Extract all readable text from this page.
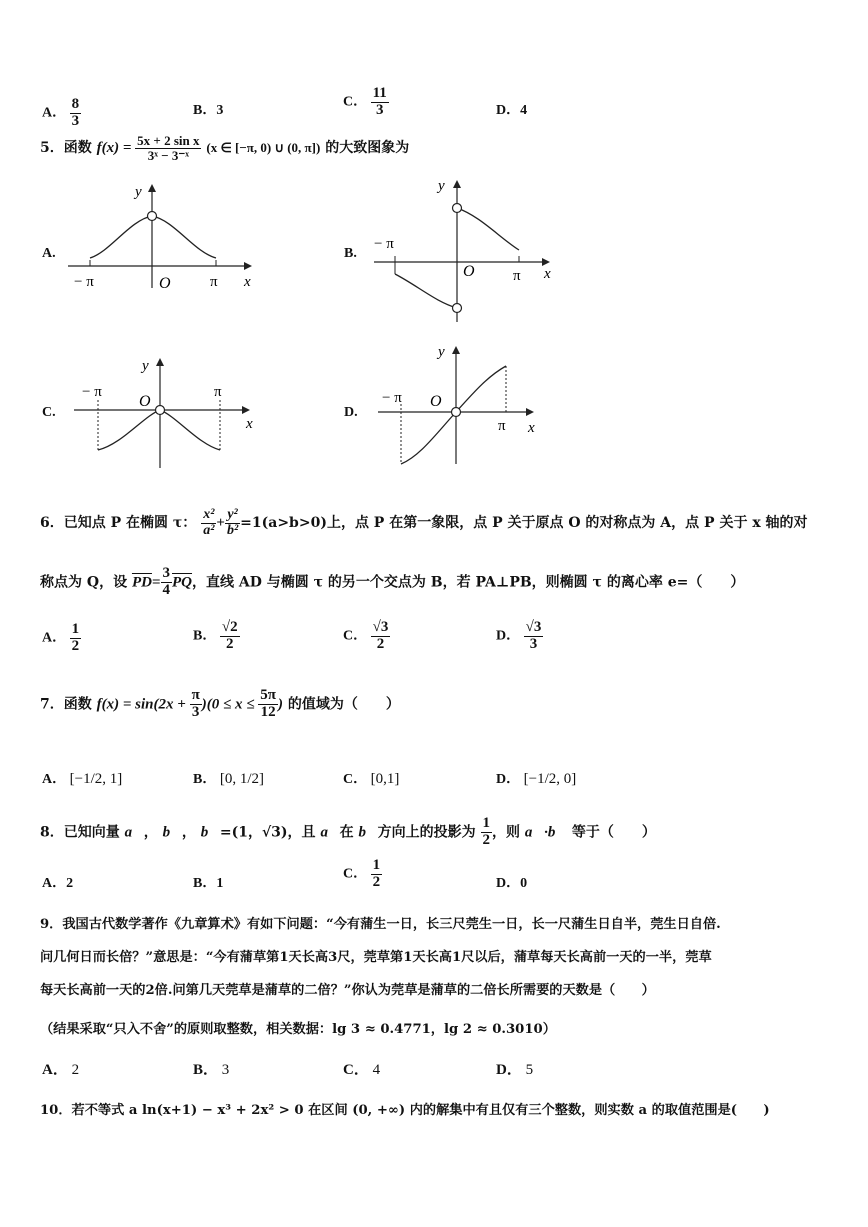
A． $\frac{8}{3}$	B．3
C． $\frac{11}{3}$	D．4
5．函数 $f(x) = \frac{\text{5x + 2 sin x}}{\text{3ˣ − 3⁻ˣ}} (x$ ∈ [−π, 0) ∪ (0, π]) 的大致图象为
A.
− π	π
O	x
y
B.
− π
π
O	x
y
C.
− π	π
O
x
y
D.
− π
π
O
x
y
6．已知点 P 在椭圆 τ： $\frac{\text{x²}}{\text{a²}} + \frac{\text{y²}}{\text{b²}} =1(a>b>0)$上，点 P 在第一象限，点 P 关于原点 O 的对称点为 A，点 P 关于 x 轴的对
称点为 Q，设 $\overline{PD}= \frac{3}{4} \overline{PQ}$，直线 AD 与椭圆 τ 的另一个交点为 B，若 PA⊥PB，则椭圆 τ 的离心率 e=（　　）
A． $\frac{1}{2}$	B． $\frac{√2}{2}$	C． $\frac{√3}{2}$	D． $\frac{√3}{3}$
7．函数 $f(x) = \sin(2x + \frac{\pi}{3} )(0 \le x \le \frac{5\pi}{12}$ ) 的值域为（　　）
A． [−1/2, 1]	B． [0, 1/2]	C． [0,1]	D． [−1/2, 0]
8．已知向量 a⃗， b⃗， b⃗=(1，√3)，且 a⃗在 b⃗方向上的投影为 $\frac{1}{2}$ ，则 a⃗·b⃗ 等于（　　）
A．2	B．1
C． $\frac{1}{2}$	D．0
9．我国古代数学著作《九章算术》有如下问题：“今有蒲生一日，长三尺莞生一日，长一尺蒲生日自半，莞生日自倍.
问几何日而长倍？”意思是：“今有蒲草第1天长高3尺，莞草第1天长高1尺以后，蒲草每天长高前一天的一半，莞草
每天长高前一天的2倍.问第几天莞草是蒲草的二倍？”你认为莞草是蒲草的二倍长所需要的天数是（　　）
（结果采取“只入不舍”的原则取整数，相关数据：lg 3 ≈ 0.4771，lg 2 ≈ 0.3010）
A． 2	B． 3	C． 4	D． 5
10．若不等式 a ln(x+1) − x³ + 2x² > 0 在区间 (0, +∞) 内的解集中有且仅有三个整数，则实数 a 的取值范围是(　　)
